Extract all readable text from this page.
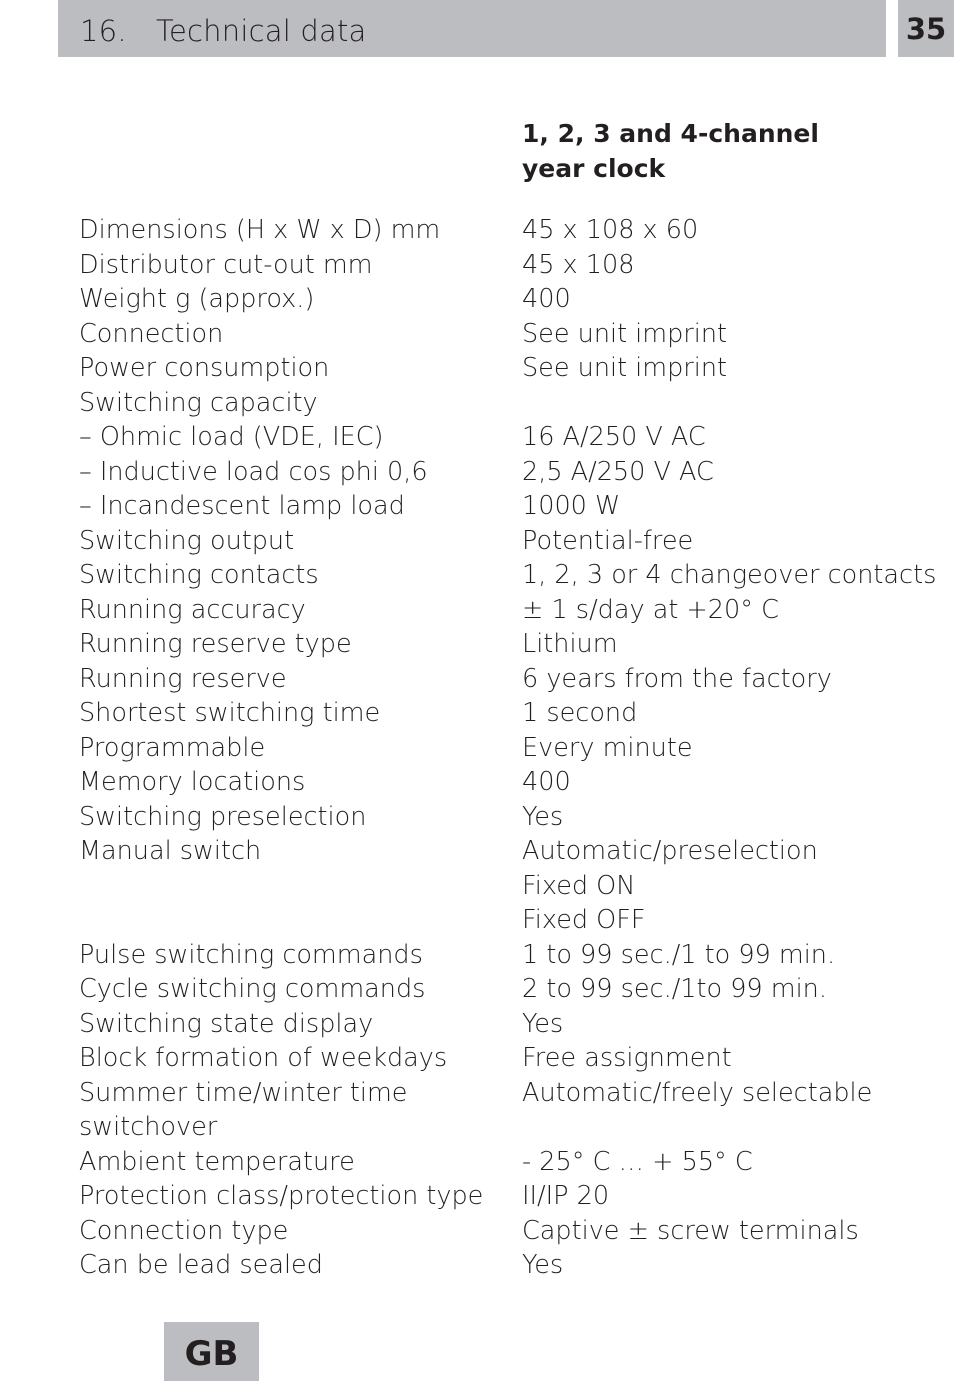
16. Technical data	35
1, 2, 3 and 4-channel
year clock
Dimensions (H x W x D) mm
Distributor cut-out mm
Weight g (approx.)
Connection
Power consumption
Switching capacity
– Ohmic load (VDE, IEC)
– Inductive load cos phi 0,6
– Incandescent lamp load
Switching output
Switching contacts
Running accuracy
Running reserve type
Running reserve
Shortest switching time
Programmable
Memory locations
Switching preselection
Manual switch
Pulse switching commands
Cycle switching commands
Switching state display
Block formation of weekdays
Summer time/winter time
switchover
Ambient temperature
Protection class/protection type
Connection type
Can be lead sealed
45 x 108 x 60
45 x 108
400
See unit imprint
See unit imprint
16 A/250 V AC
2,5 A/250 V AC
1000 W
Potential-free
1, 2, 3 or 4 changeover contacts
± 1 s/day at +20° C
Lithium
6 years from the factory
1 second
Every minute
400
Yes
Automatic/preselection
Fixed ON
Fixed OFF
1 to 99 sec./1 to 99 min.
2 to 99 sec./1to 99 min.
Yes
Free assignment
Automatic/freely selectable
- 25° C … + 55° C
II/IP 20
Captive ± screw terminals
Yes
GB
